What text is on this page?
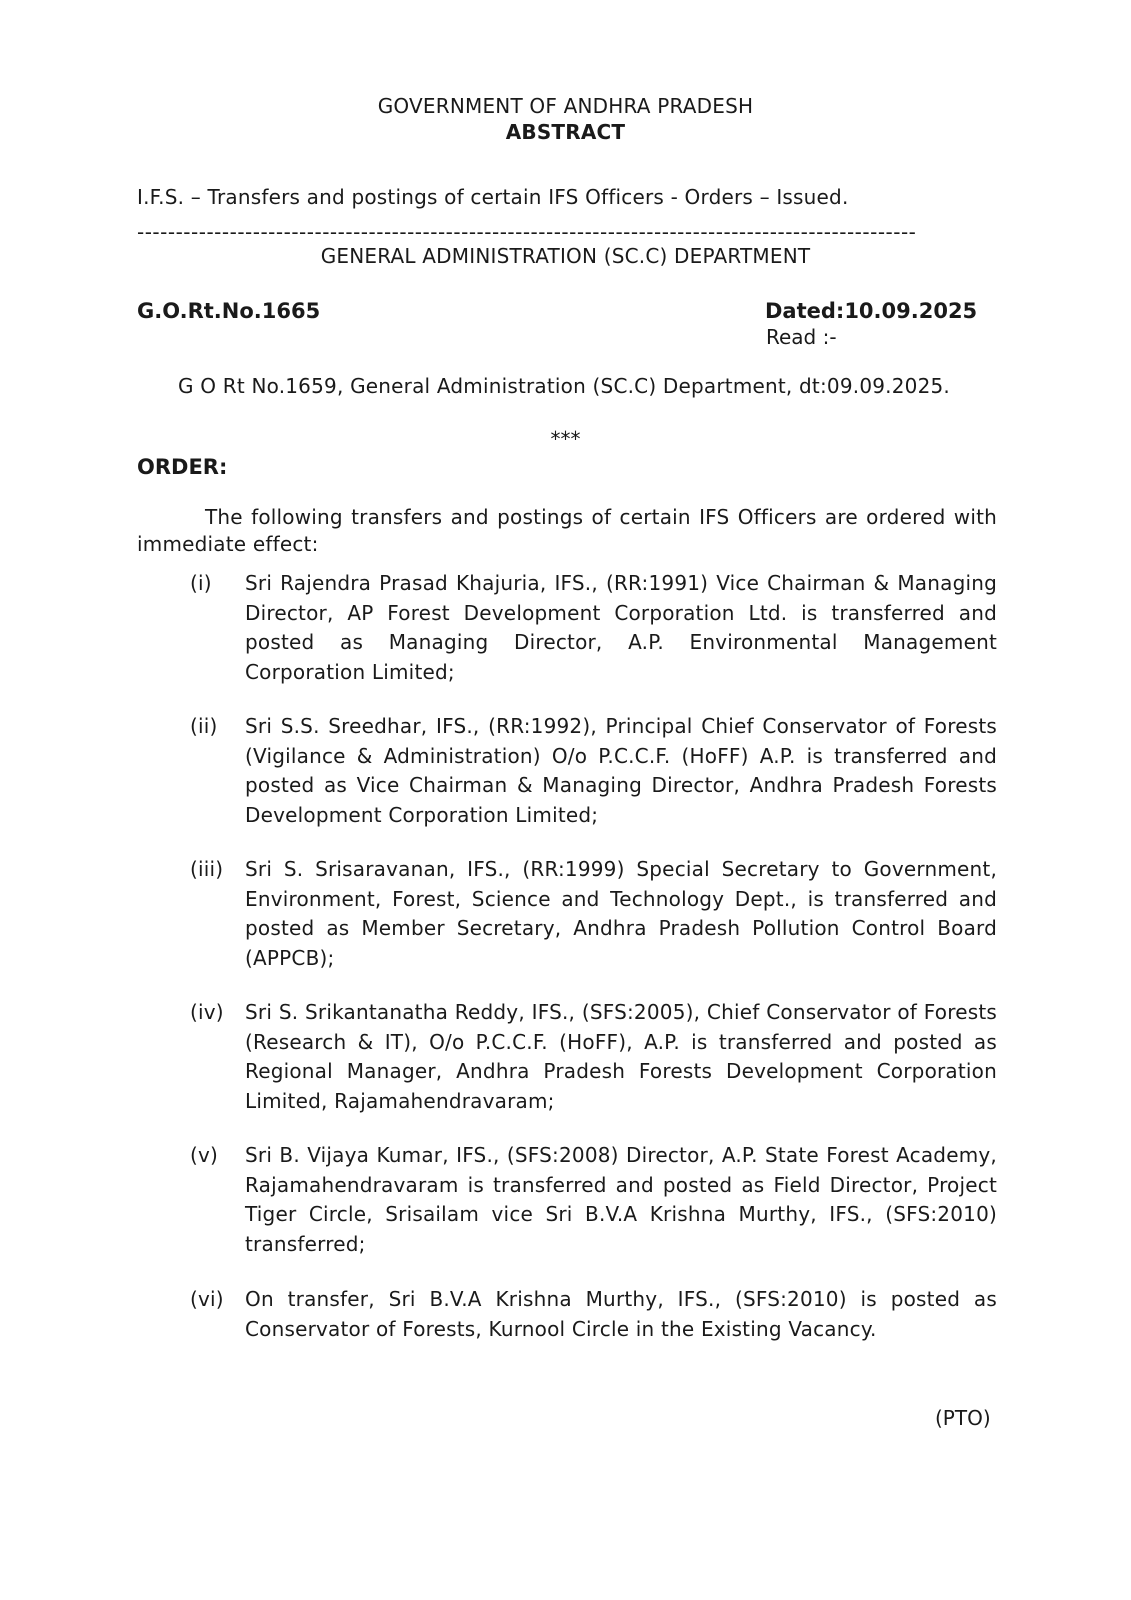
GOVERNMENT OF ANDHRA PRADESH
ABSTRACT
I.F.S. – Transfers and postings of certain IFS Officers - Orders – Issued.
-----------------------------------------------------------------------------------------------------
GENERAL ADMINISTRATION (SC.C) DEPARTMENT
G.O.Rt.No.1665	Dated:10.09.2025
Read :-
G O Rt No.1659, General Administration (SC.C) Department, dt:09.09.2025.
***
ORDER:
The following transfers and postings of certain IFS Officers are ordered with immediate effect:
(i)	Sri Rajendra Prasad Khajuria, IFS., (RR:1991) Vice Chairman & Managing Director, AP Forest Development Corporation Ltd. is transferred and posted as Managing Director, A.P. Environmental Management Corporation Limited;
(ii)	Sri S.S. Sreedhar, IFS., (RR:1992), Principal Chief Conservator of Forests (Vigilance & Administration) O/o P.C.C.F. (HoFF) A.P. is transferred and posted as Vice Chairman & Managing Director, Andhra Pradesh Forests Development Corporation Limited;
(iii)	Sri S. Srisaravanan, IFS., (RR:1999) Special Secretary to Government, Environment, Forest, Science and Technology Dept., is transferred and posted as Member Secretary, Andhra Pradesh Pollution Control Board (APPCB);
(iv)	Sri S. Srikantanatha Reddy, IFS., (SFS:2005), Chief Conservator of Forests (Research & IT), O/o P.C.C.F. (HoFF), A.P. is transferred and posted as Regional Manager, Andhra Pradesh Forests Development Corporation Limited, Rajamahendravaram;
(v)	Sri B. Vijaya Kumar, IFS., (SFS:2008) Director, A.P. State Forest Academy, Rajamahendravaram is transferred and posted as Field Director, Project Tiger Circle, Srisailam vice Sri B.V.A Krishna Murthy, IFS., (SFS:2010) transferred;
(vi)	On transfer, Sri B.V.A Krishna Murthy, IFS., (SFS:2010) is posted as Conservator of Forests, Kurnool Circle in the Existing Vacancy.
(PTO)
